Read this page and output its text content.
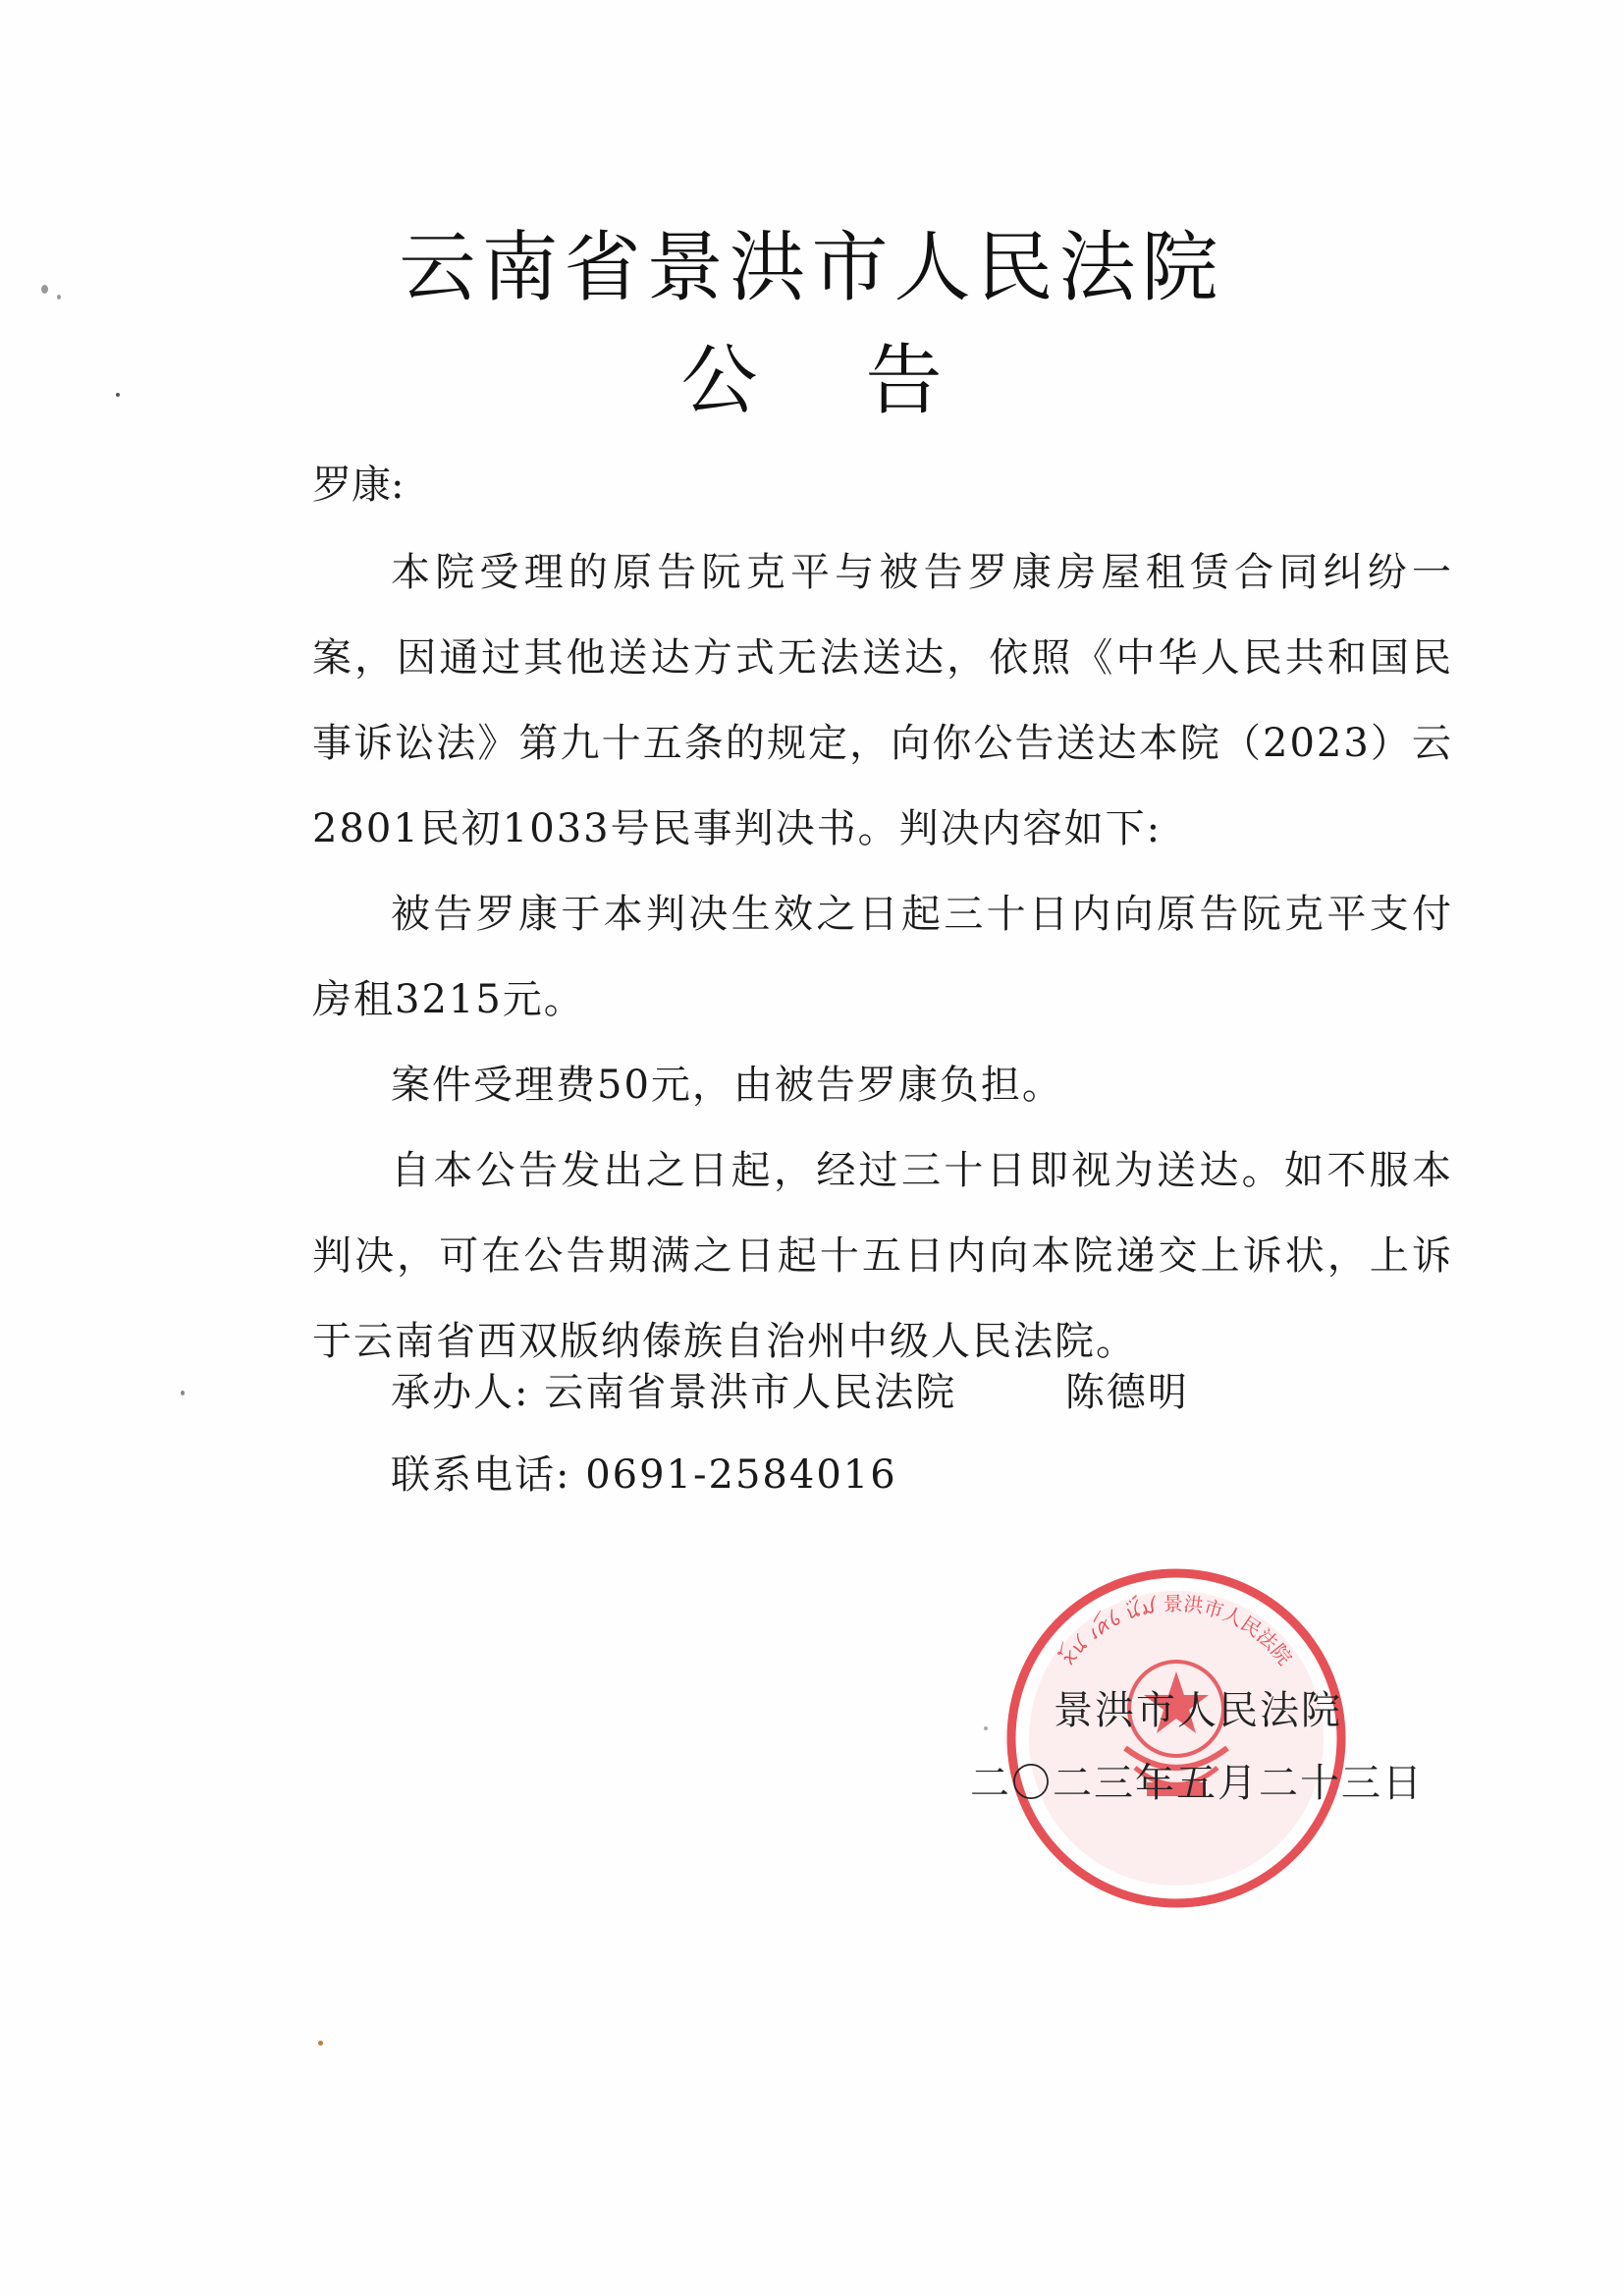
云南省景洪市人民法院
公 告
罗康:

本院受理的原告阮克平与被告罗康房屋租赁合同纠纷一案，因通过其他送达方式无法送达，依照《中华人民共和国民事诉讼法》第九十五条的规定，向你公告送达本院（2023）云2801民初1033号民事判决书。判决内容如下:

被告罗康于本判决生效之日起三十日内向原告阮克平支付房租3215元。

案件受理费50元，由被告罗康负担。

自本公告发出之日起，经过三十日即视为送达。如不服本判决，可在公告期满之日起十五日内向本院递交上诉状，上诉于云南省西双版纳傣族自治州中级人民法院。

承办人: 云南省景洪市人民法院	陈德明
联系电话: 0691-2584016
ꪎꪳꪙ ꪹꪁꪷꪉ ꪙꪾꪣ 景洪市人民法院
景洪市人民法院
二〇二三年五月二十三日
